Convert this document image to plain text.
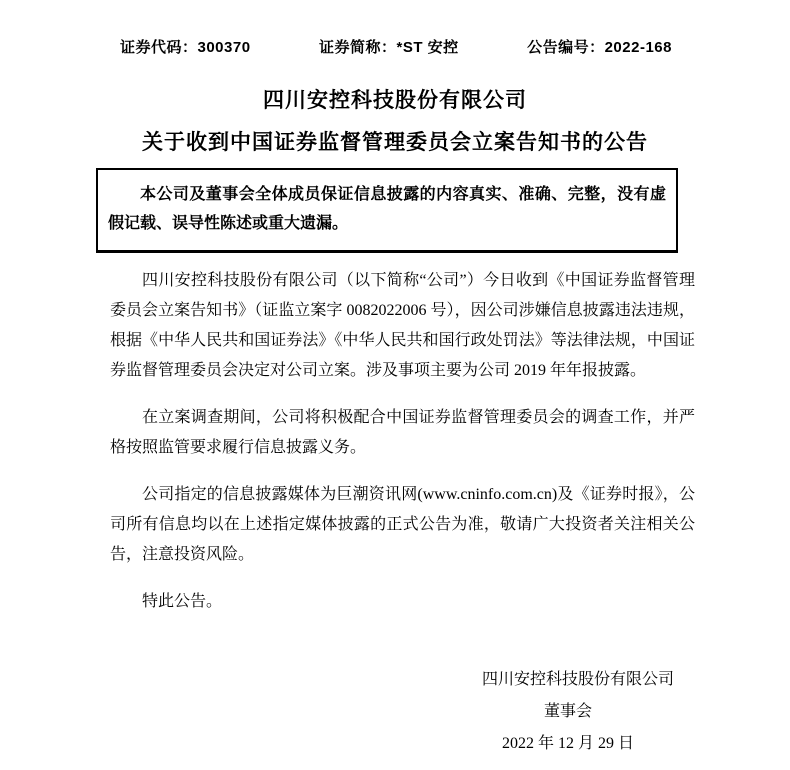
证券代码：300370	证券简称：*ST 安控	公告编号：2022-168
四川安控科技股份有限公司
关于收到中国证券监督管理委员会立案告知书的公告

本公司及董事会全体成员保证信息披露的内容真实、准确、完整，没有虚假记载、误导性陈述或重大遗漏。

四川安控科技股份有限公司（以下简称“公司”）今日收到《中国证券监督管理委员会立案告知书》（证监立案字 0082022006 号），因公司涉嫌信息披露违法违规，根据《中华人民共和国证券法》《中华人民共和国行政处罚法》等法律法规，中国证券监督管理委员会决定对公司立案。涉及事项主要为公司 2019 年年报披露。

在立案调查期间，公司将积极配合中国证券监督管理委员会的调查工作，并严格按照监管要求履行信息披露义务。

公司指定的信息披露媒体为巨潮资讯网(www.cninfo.com.cn)及《证券时报》，公司所有信息均以在上述指定媒体披露的正式公告为准，敬请广大投资者关注相关公告，注意投资风险。

特此公告。

四川安控科技股份有限公司
董事会
2022 年 12 月 29 日
